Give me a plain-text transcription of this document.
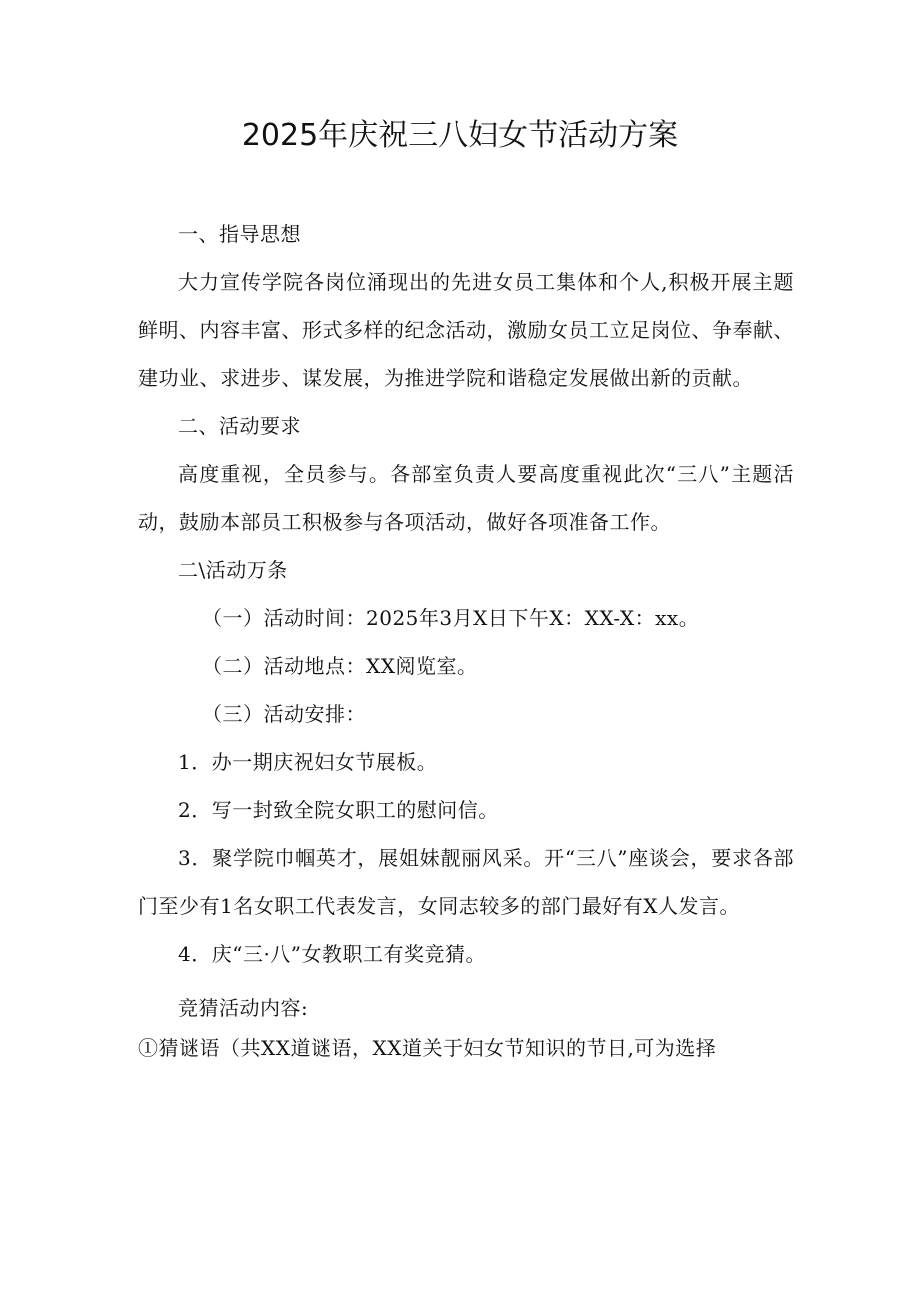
2025年庆祝三八妇女节活动方案

一、指导思想

大力宣传学院各岗位涌现出的先进女员工集体和个人,积极开展主题鲜明、内容丰富、形式多样的纪念活动，激励女员工立足岗位、争奉献、建功业、求进步、谋发展，为推进学院和谐稳定发展做出新的贡献。

二、活动要求

高度重视，全员参与。各部室负责人要高度重视此次“三八”主题活动，鼓励本部员工积极参与各项活动，做好各项准备工作。

二\活动万条

（一）活动时间：2025年3月X日下午X：XX-X：xx。

（二）活动地点：XX阅览室。

（三）活动安排：

1．办一期庆祝妇女节展板。

2．写一封致全院女职工的慰问信。

3．聚学院巾帼英才，展姐妹靓丽风采。开“三八”座谈会，要求各部门至少有1名女职工代表发言，女同志较多的部门最好有X人发言。

4．庆“三·八”女教职工有奖竞猜。

竞猜活动内容:

①猜谜语（共XX道谜语，XX道关于妇女节知识的节日,可为选择
